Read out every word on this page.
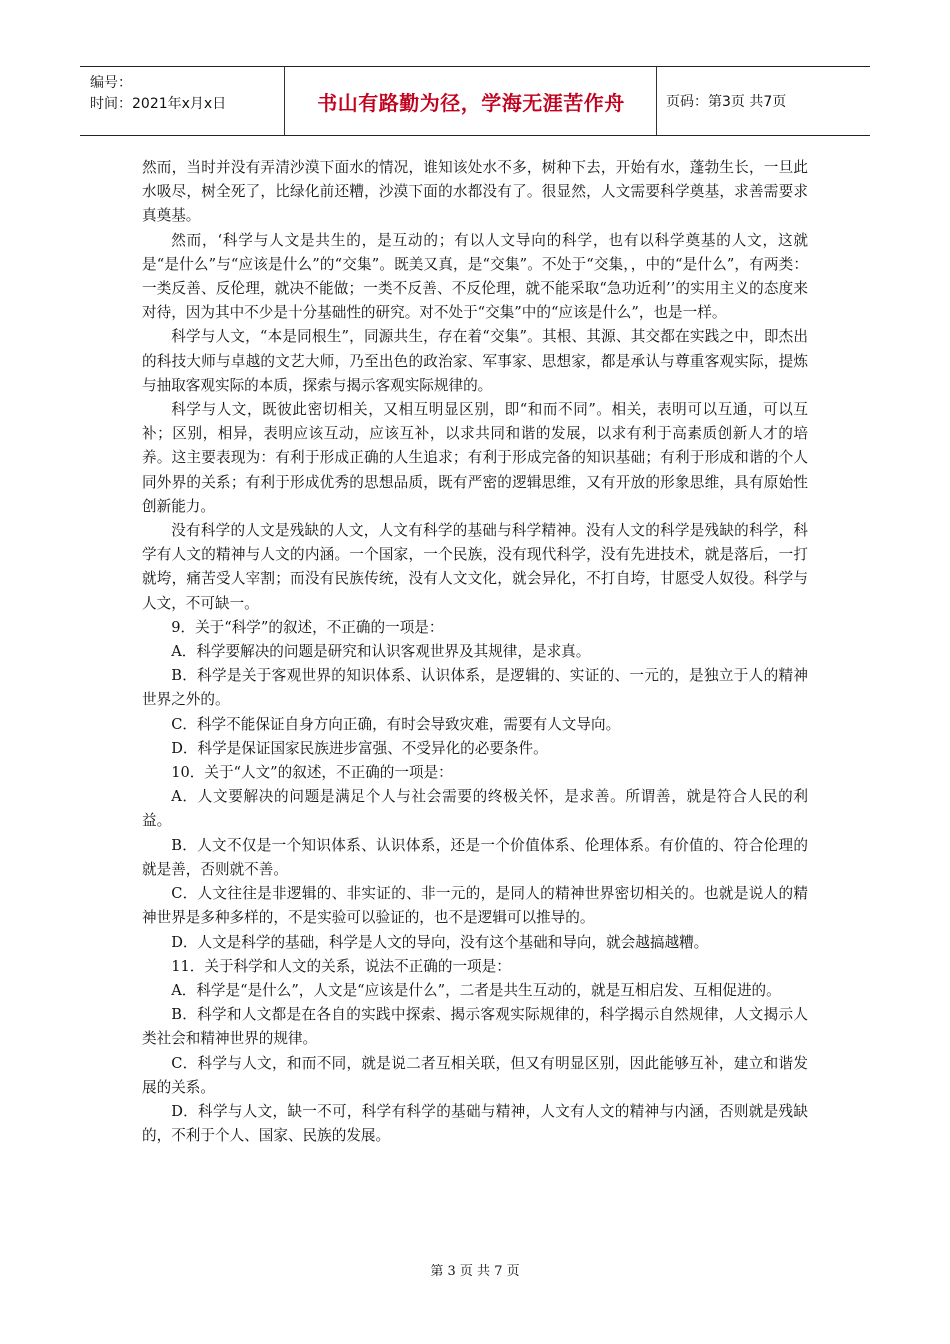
编号：
时间：2021年x月x日	书山有路勤为径，学海无涯苦作舟	页码：第3页 共7页

然而，当时并没有弄清沙漠下面水的情况，谁知该处水不多，树种下去，开始有水，蓬勃生长，一旦此水吸尽，树全死了，比绿化前还糟，沙漠下面的水都没有了。很显然，人文需要科学奠基，求善需要求真奠基。

然而，‘科学与人文是共生的，是互动的；有以人文导向的科学，也有以科学奠基的人文，这就是“是什么”与“应该是什么”的“交集”。既美又真，是“交集”。不处于“交集，，中的“是什么”，有两类：一类反善、反伦理，就决不能做；一类不反善、不反伦理，就不能采取“急功近利’’的实用主义的态度来对待，因为其中不少是十分基础性的研究。对不处于“交集”中的“应该是什么”，也是一样。

科学与人文，“本是同根生”，同源共生，存在着“交集”。其根、其源、其交都在实践之中，即杰出的科技大师与卓越的文艺大师，乃至出色的政治家、军事家、思想家，都是承认与尊重客观实际，提炼与抽取客观实际的本质，探索与揭示客观实际规律的。

科学与人文，既彼此密切相关，又相互明显区别，即“和而不同”。相关，表明可以互通，可以互补；区别，相异，表明应该互动，应该互补，以求共同和谐的发展，以求有利于高素质创新人才的培养。这主要表现为：有利于形成正确的人生追求；有利于形成完备的知识基础；有利于形成和谐的个人同外界的关系；有利于形成优秀的思想品质，既有严密的逻辑思维，又有开放的形象思维，具有原始性创新能力。

没有科学的人文是残缺的人文，人文有科学的基础与科学精神。没有人文的科学是残缺的科学，科学有人文的精神与人文的内涵。一个国家，一个民族，没有现代科学，没有先进技术，就是落后，一打就垮，痛苦受人宰割；而没有民族传统，没有人文文化，就会异化，不打自垮，甘愿受人奴役。科学与人文，不可缺一。

9．关于“科学”的叙述，不正确的一项是：

A．科学要解决的问题是研究和认识客观世界及其规律，是求真。

B．科学是关于客观世界的知识体系、认识体系，是逻辑的、实证的、一元的，是独立于人的精神世界之外的。

C．科学不能保证自身方向正确，有时会导致灾难，需要有人文导向。

D．科学是保证国家民族进步富强、不受异化的必要条件。

10．关于“人文”的叙述，不正确的一项是：

A．人文要解决的问题是满足个人与社会需要的终极关怀，是求善。所谓善，就是符合人民的利益。

B．人文不仅是一个知识体系、认识体系，还是一个价值体系、伦理体系。有价值的、符合伦理的就是善，否则就不善。

C．人文往往是非逻辑的、非实证的、非一元的，是同人的精神世界密切相关的。也就是说人的精神世界是多种多样的，不是实验可以验证的，也不是逻辑可以推导的。

D．人文是科学的基础，科学是人文的导向，没有这个基础和导向，就会越搞越糟。

11．关于科学和人文的关系，说法不正确的一项是：

A．科学是“是什么”，人文是“应该是什么”，二者是共生互动的，就是互相启发、互相促进的。

B．科学和人文都是在各自的实践中探索、揭示客观实际规律的，科学揭示自然规律，人文揭示人类社会和精神世界的规律。

C．科学与人文，和而不同，就是说二者互相关联，但又有明显区别，因此能够互补，建立和谐发展的关系。

D．科学与人文，缺一不可，科学有科学的基础与精神，人文有人文的精神与内涵，否则就是残缺的，不利于个人、国家、民族的发展。

第 3 页 共 7 页
